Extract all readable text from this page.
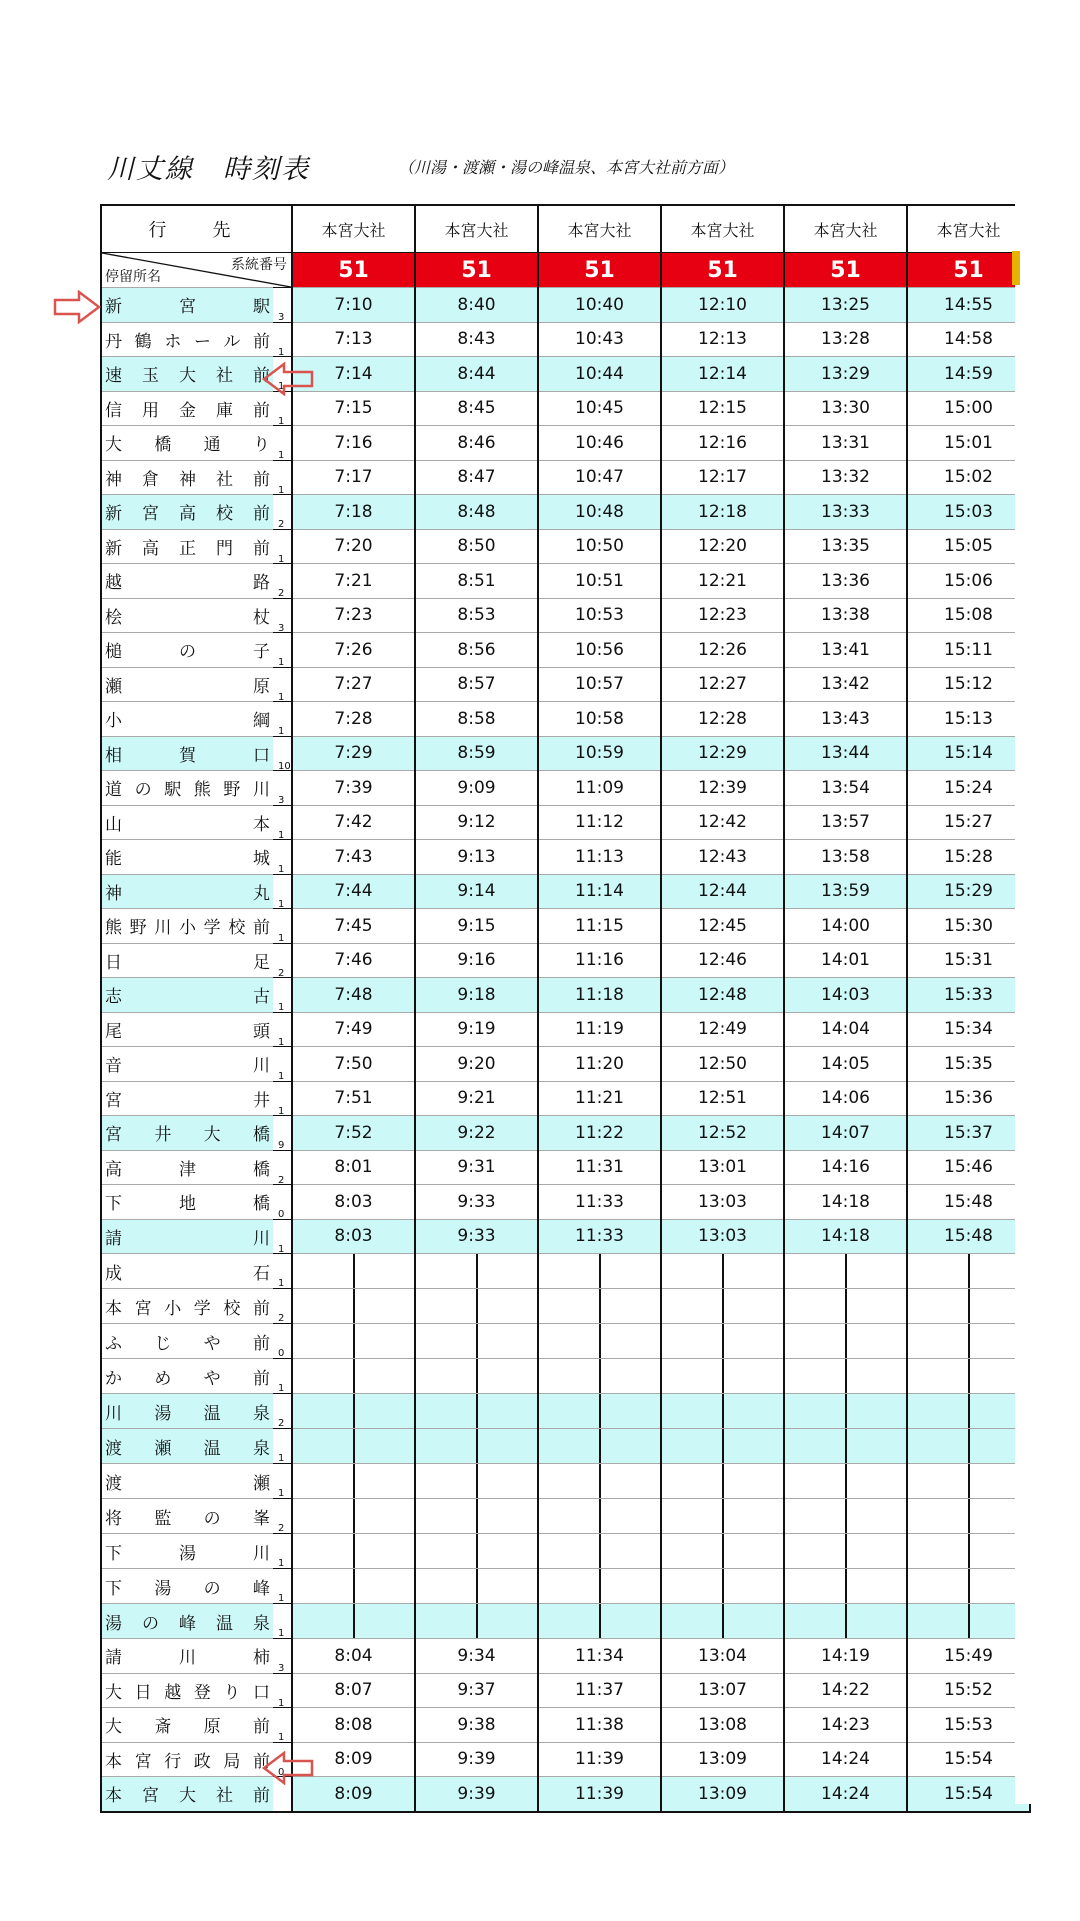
川丈線　時刻表	（川湯・渡瀬・湯の峰温泉、本宮大社前方面）
行　先		本宮大社	本宮大社	本宮大社	本宮大社	本宮大社	本宮大社

系統番号
停留所名		51	51	51	51	51	51
新宮駅	3	7:10	8:40	10:40	12:10	13:25	14:55
丹鶴ホール前	1	7:13	8:43	10:43	12:13	13:28	14:58
速玉大社前	1	7:14	8:44	10:44	12:14	13:29	14:59
信用金庫前	1	7:15	8:45	10:45	12:15	13:30	15:00
大橋通り	1	7:16	8:46	10:46	12:16	13:31	15:01
神倉神社前	1	7:17	8:47	10:47	12:17	13:32	15:02
新宮高校前	2	7:18	8:48	10:48	12:18	13:33	15:03
新高正門前	1	7:20	8:50	10:50	12:20	13:35	15:05
越路	2	7:21	8:51	10:51	12:21	13:36	15:06
桧杖	3	7:23	8:53	10:53	12:23	13:38	15:08
槌の子	1	7:26	8:56	10:56	12:26	13:41	15:11
瀬原	1	7:27	8:57	10:57	12:27	13:42	15:12
小綱	1	7:28	8:58	10:58	12:28	13:43	15:13
相賀口	10	7:29	8:59	10:59	12:29	13:44	15:14
道の駅熊野川	3	7:39	9:09	11:09	12:39	13:54	15:24
山本	1	7:42	9:12	11:12	12:42	13:57	15:27
能城	1	7:43	9:13	11:13	12:43	13:58	15:28
神丸	1	7:44	9:14	11:14	12:44	13:59	15:29
熊野川小学校前	1	7:45	9:15	11:15	12:45	14:00	15:30
日足	2	7:46	9:16	11:16	12:46	14:01	15:31
志古	1	7:48	9:18	11:18	12:48	14:03	15:33
尾頭	1	7:49	9:19	11:19	12:49	14:04	15:34
音川	1	7:50	9:20	11:20	12:50	14:05	15:35
宮井	1	7:51	9:21	11:21	12:51	14:06	15:36
宮井大橋	9	7:52	9:22	11:22	12:52	14:07	15:37
高津橋	2	8:01	9:31	11:31	13:01	14:16	15:46
下地橋	0	8:03	9:33	11:33	13:03	14:18	15:48
請川	1	8:03	9:33	11:33	13:03	14:18	15:48
成石	1						

本宮小学校前	2						

ふじや前	0						

かめや前	1						

川湯温泉	2						

渡瀬温泉	1						

渡瀬	1						

将監の峯	2						

下湯川	1						

下湯の峰	1						

湯の峰温泉	1						

請川柿	3	8:04	9:34	11:34	13:04	14:19	15:49
大日越登り口	1	8:07	9:37	11:37	13:07	14:22	15:52
大斎原前	1	8:08	9:38	11:38	13:08	14:23	15:53
本宮行政局前	0	8:09	9:39	11:39	13:09	14:24	15:54
本宮大社前		8:09	9:39	11:39	13:09	14:24	15:54
